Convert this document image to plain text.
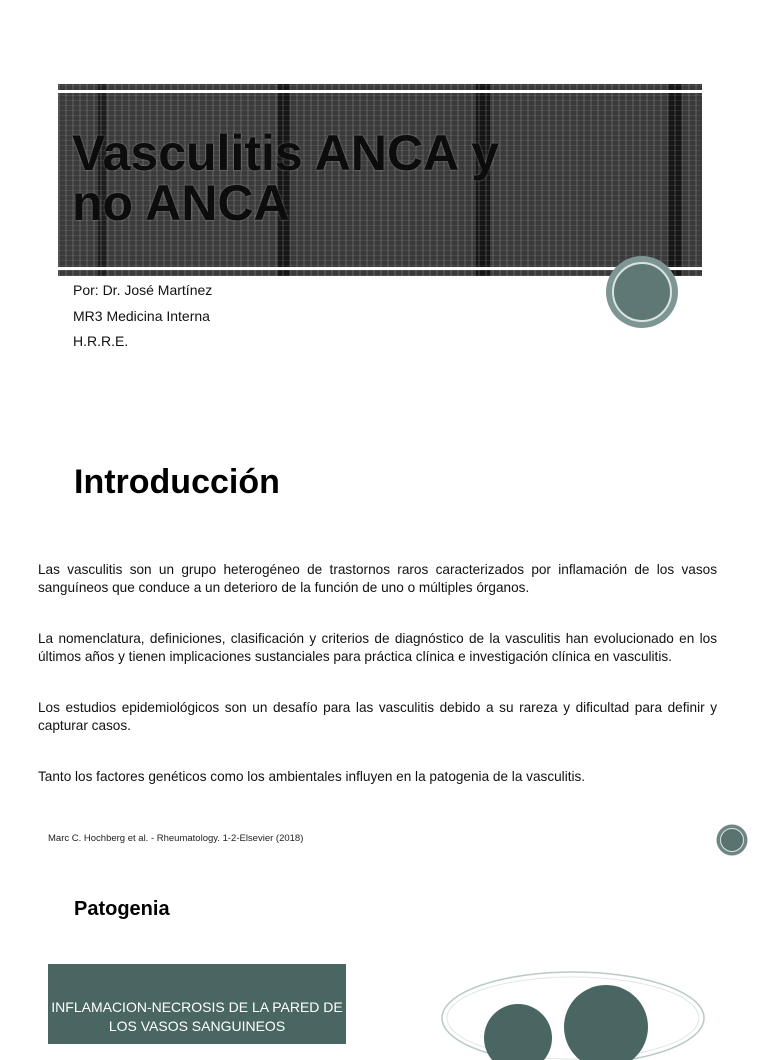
Vasculitis ANCA y
no ANCA
Por: Dr. José Martínez
MR3 Medicina Interna
H.R.R.E.
Introducción

Las vasculitis son un grupo heterogéneo de trastornos raros caracterizados por inflamación de los vasos sanguíneos que conduce a un deterioro de la función de uno o múltiples órganos.

La nomenclatura, definiciones, clasificación y criterios de diagnóstico de la vasculitis han evolucionado en los últimos años y tienen implicaciones sustanciales para práctica clínica e investigación clínica en vasculitis.

Los estudios epidemiológicos son un desafío para las vasculitis debido a su rareza y dificultad para definir y capturar casos.

Tanto los factores genéticos como los ambientales influyen en la patogenia de la vasculitis.

Marc C. Hochberg et al. - Rheumatology. 1-2-Elsevier (2018)

Patogenia
INFLAMACION-NECROSIS DE LA PARED DE LOS VASOS SANGUINEOS
